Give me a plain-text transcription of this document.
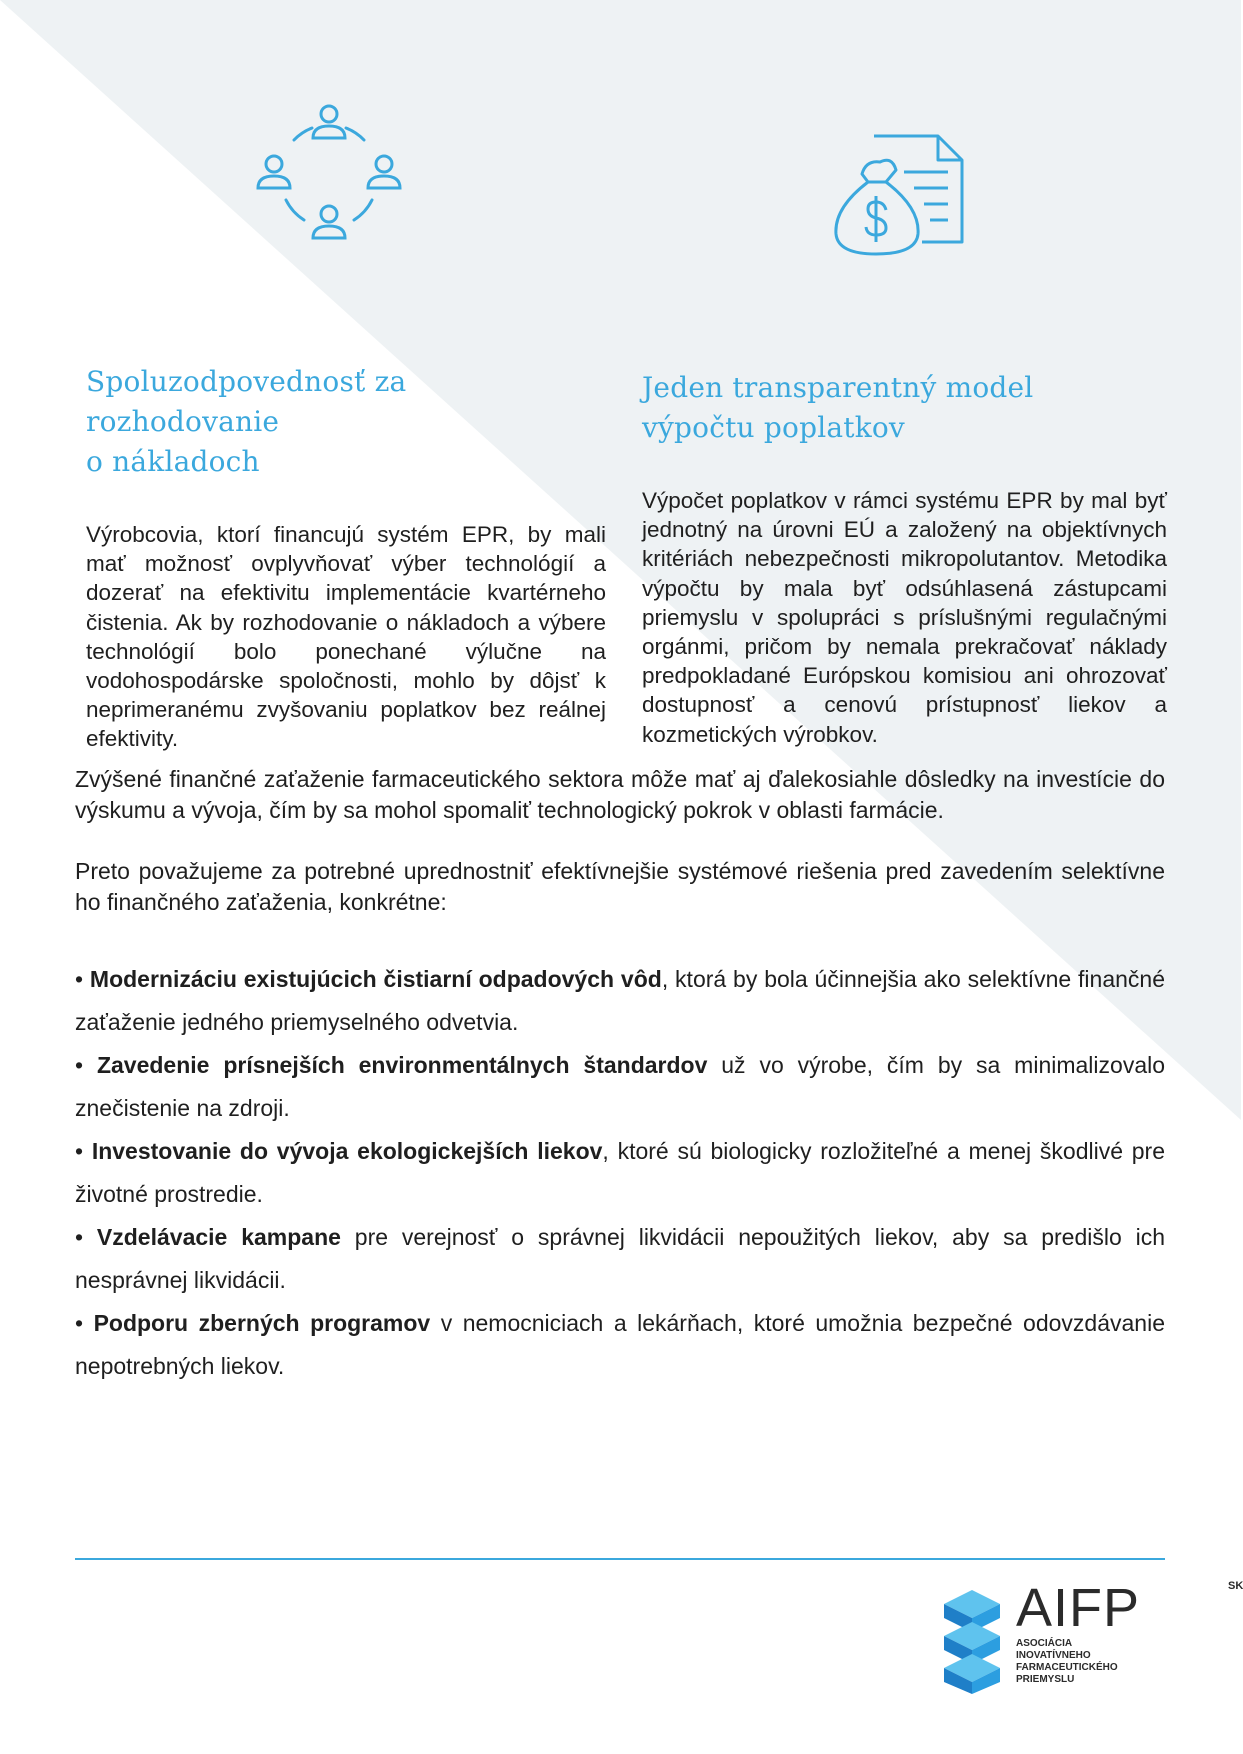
Spoluzodpovednosť za rozhodovanie
o nákladoch

Výrobcovia, ktorí financujú systém EPR, by mali mať možnosť ovplyvňovať výber technológií a dozerať na efektivitu implementácie kvartérneho čistenia. Ak by rozhodovanie o nákladoch a výbere technológií bolo ponechané výlučne na vodohospodárske spoločnosti, mohlo by dôjsť k neprimeranému zvyšovaniu poplatkov bez reálnej efektivity.

Jeden transparentný model
výpočtu poplatkov

Výpočet poplatkov v rámci systému EPR by mal byť jednotný na úrovni EÚ a založený na objektívnych kritériách nebezpečnosti mikropolutantov. Metodika výpočtu by mala byť odsúhlasená zástupcami priemyslu v spolupráci s príslušnými regulačnými orgánmi, pričom by nemala prekračovať náklady predpokladané Európskou komisiou ani ohrozovať dostupnosť a cenovú prístupnosť liekov a kozmetických výrobkov.

Zvýšené finančné zaťaženie farmaceutického sektora môže mať aj ďalekosiahle dôsledky na investície do výskumu a vývoja, čím by sa mohol spomaliť technologický pokrok v oblasti farmácie.

Preto považujeme za potrebné uprednostniť efektívnejšie systémové riešenia pred zavedením selektívne ho finančného zaťaženia, konkrétne:

• Modernizáciu existujúcich čistiarní odpadových vôd, ktorá by bola účinnejšia ako selektívne finančné zaťaženie jedného priemyselného odvetvia.

• Zavedenie prísnejších environmentálnych štandardov už vo výrobe, čím by sa minimalizovalo znečistenie na zdroji.

• Investovanie do vývoja ekologickejších liekov, ktoré sú biologicky rozložiteľné a menej škodlivé pre životné prostredie.

• Vzdelávacie kampane pre verejnosť o správnej likvidácii nepoužitých liekov, aby sa predišlo ich nesprávnej likvidácii.

• Podporu zberných programov v nemocniciach a lekárňach, ktoré umožnia bezpečné odovzdávanie nepotrebných liekov.

AIFP	SK
ASOCIÁCIA
INOVATÍVNEHO
FARMACEUTICKÉHO
PRIEMYSLU
